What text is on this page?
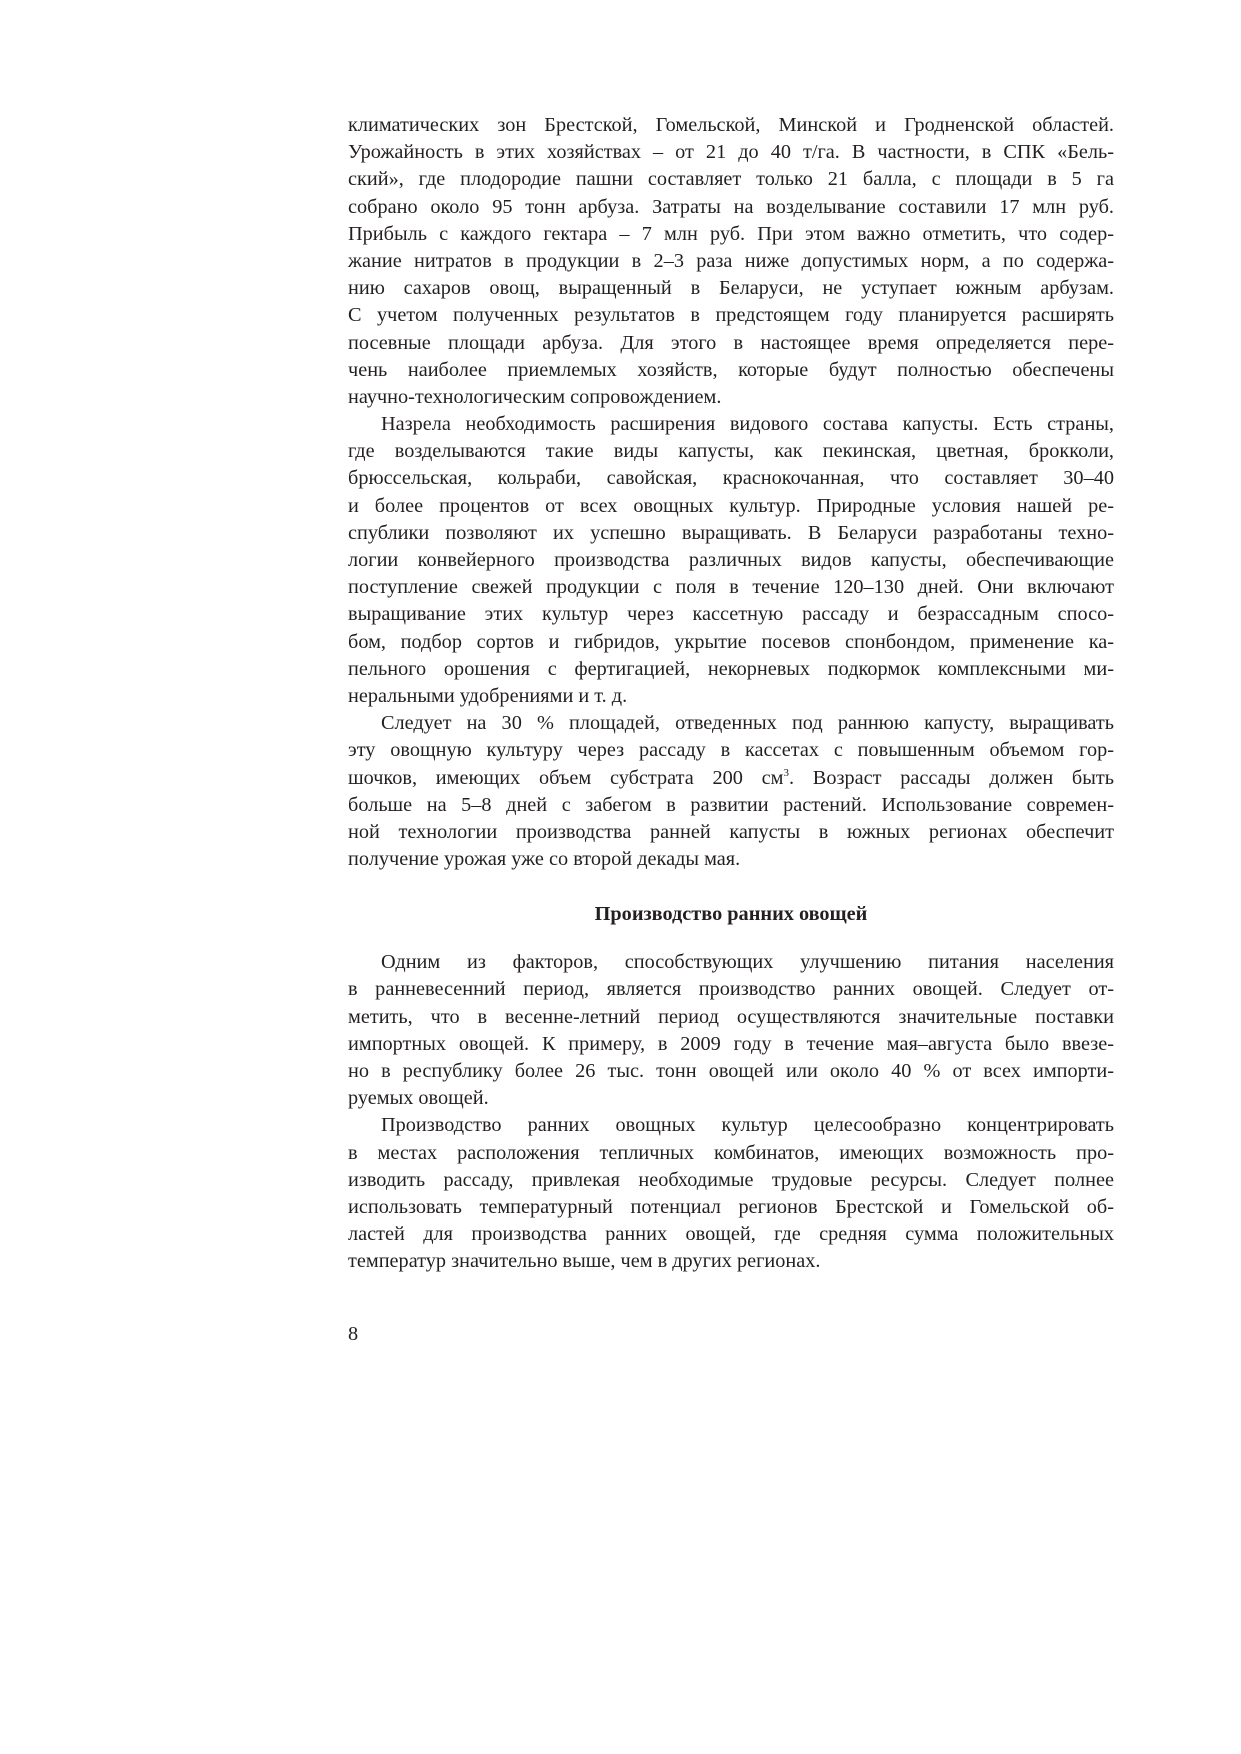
климатических зон Брестской, Гомельской, Минской и Гродненской областей.
Урожайность в этих хозяйствах – от 21 до 40 т/га. В частности, в СПК «Бель-
ский», где плодородие пашни составляет только 21 балла, с площади в 5 га
собрано около 95 тонн арбуза. Затраты на возделывание составили 17 млн руб.
Прибыль с каждого гектара – 7 млн руб. При этом важно отметить, что содер-
жание нитратов в продукции в 2–3 раза ниже допустимых норм, а по содержа-
нию сахаров овощ, выращенный в Беларуси, не уступает южным арбузам.
С учетом полученных результатов в предстоящем году планируется расширять
посевные площади арбуза. Для этого в настоящее время определяется пере-
чень наиболее приемлемых хозяйств, которые будут полностью обеспечены
научно-технологическим сопровождением.
Назрела необходимость расширения видового состава капусты. Есть страны,
где возделываются такие виды капусты, как пекинская, цветная, брокколи,
брюссельская, кольраби, савойская, краснокочанная, что составляет 30–40
и более процентов от всех овощных культур. Природные условия нашей ре-
спублики позволяют их успешно выращивать. В Беларуси разработаны техно-
логии конвейерного производства различных видов капусты, обеспечивающие
поступление свежей продукции с поля в течение 120–130 дней. Они включают
выращивание этих культур через кассетную рассаду и безрассадным спосо-
бом, подбор сортов и гибридов, укрытие посевов спонбондом, применение ка-
пельного орошения с фертигацией, некорневых подкормок комплексными ми-
неральными удобрениями и т. д.
Следует на 30 % площадей, отведенных под раннюю капусту, выращивать
эту овощную культуру через рассаду в кассетах с повышенным объемом гор-
шочков, имеющих объем субстрата 200 $см^3$. Возраст рассады должен быть
больше на 5–8 дней с забегом в развитии растений. Использование современ-
ной технологии производства ранней капусты в южных регионах обеспечит
получение урожая уже со второй декады мая.
Производство ранних овощей
Одним из факторов, способствующих улучшению питания населения
в ранневесенний период, является производство ранних овощей. Следует от-
метить, что в весенне-летний период осуществляются значительные поставки
импортных овощей. К примеру, в 2009 году в течение мая–августа было ввезе-
но в республику более 26 тыс. тонн овощей или около 40 % от всех импорти-
руемых овощей.
Производство ранних овощных культур целесообразно концентрировать
в местах расположения тепличных комбинатов, имеющих возможность про-
изводить рассаду, привлекая необходимые трудовые ресурсы. Следует полнее
использовать температурный потенциал регионов Брестской и Гомельской об-
ластей для производства ранних овощей, где средняя сумма положительных
температур значительно выше, чем в других регионах.
8
